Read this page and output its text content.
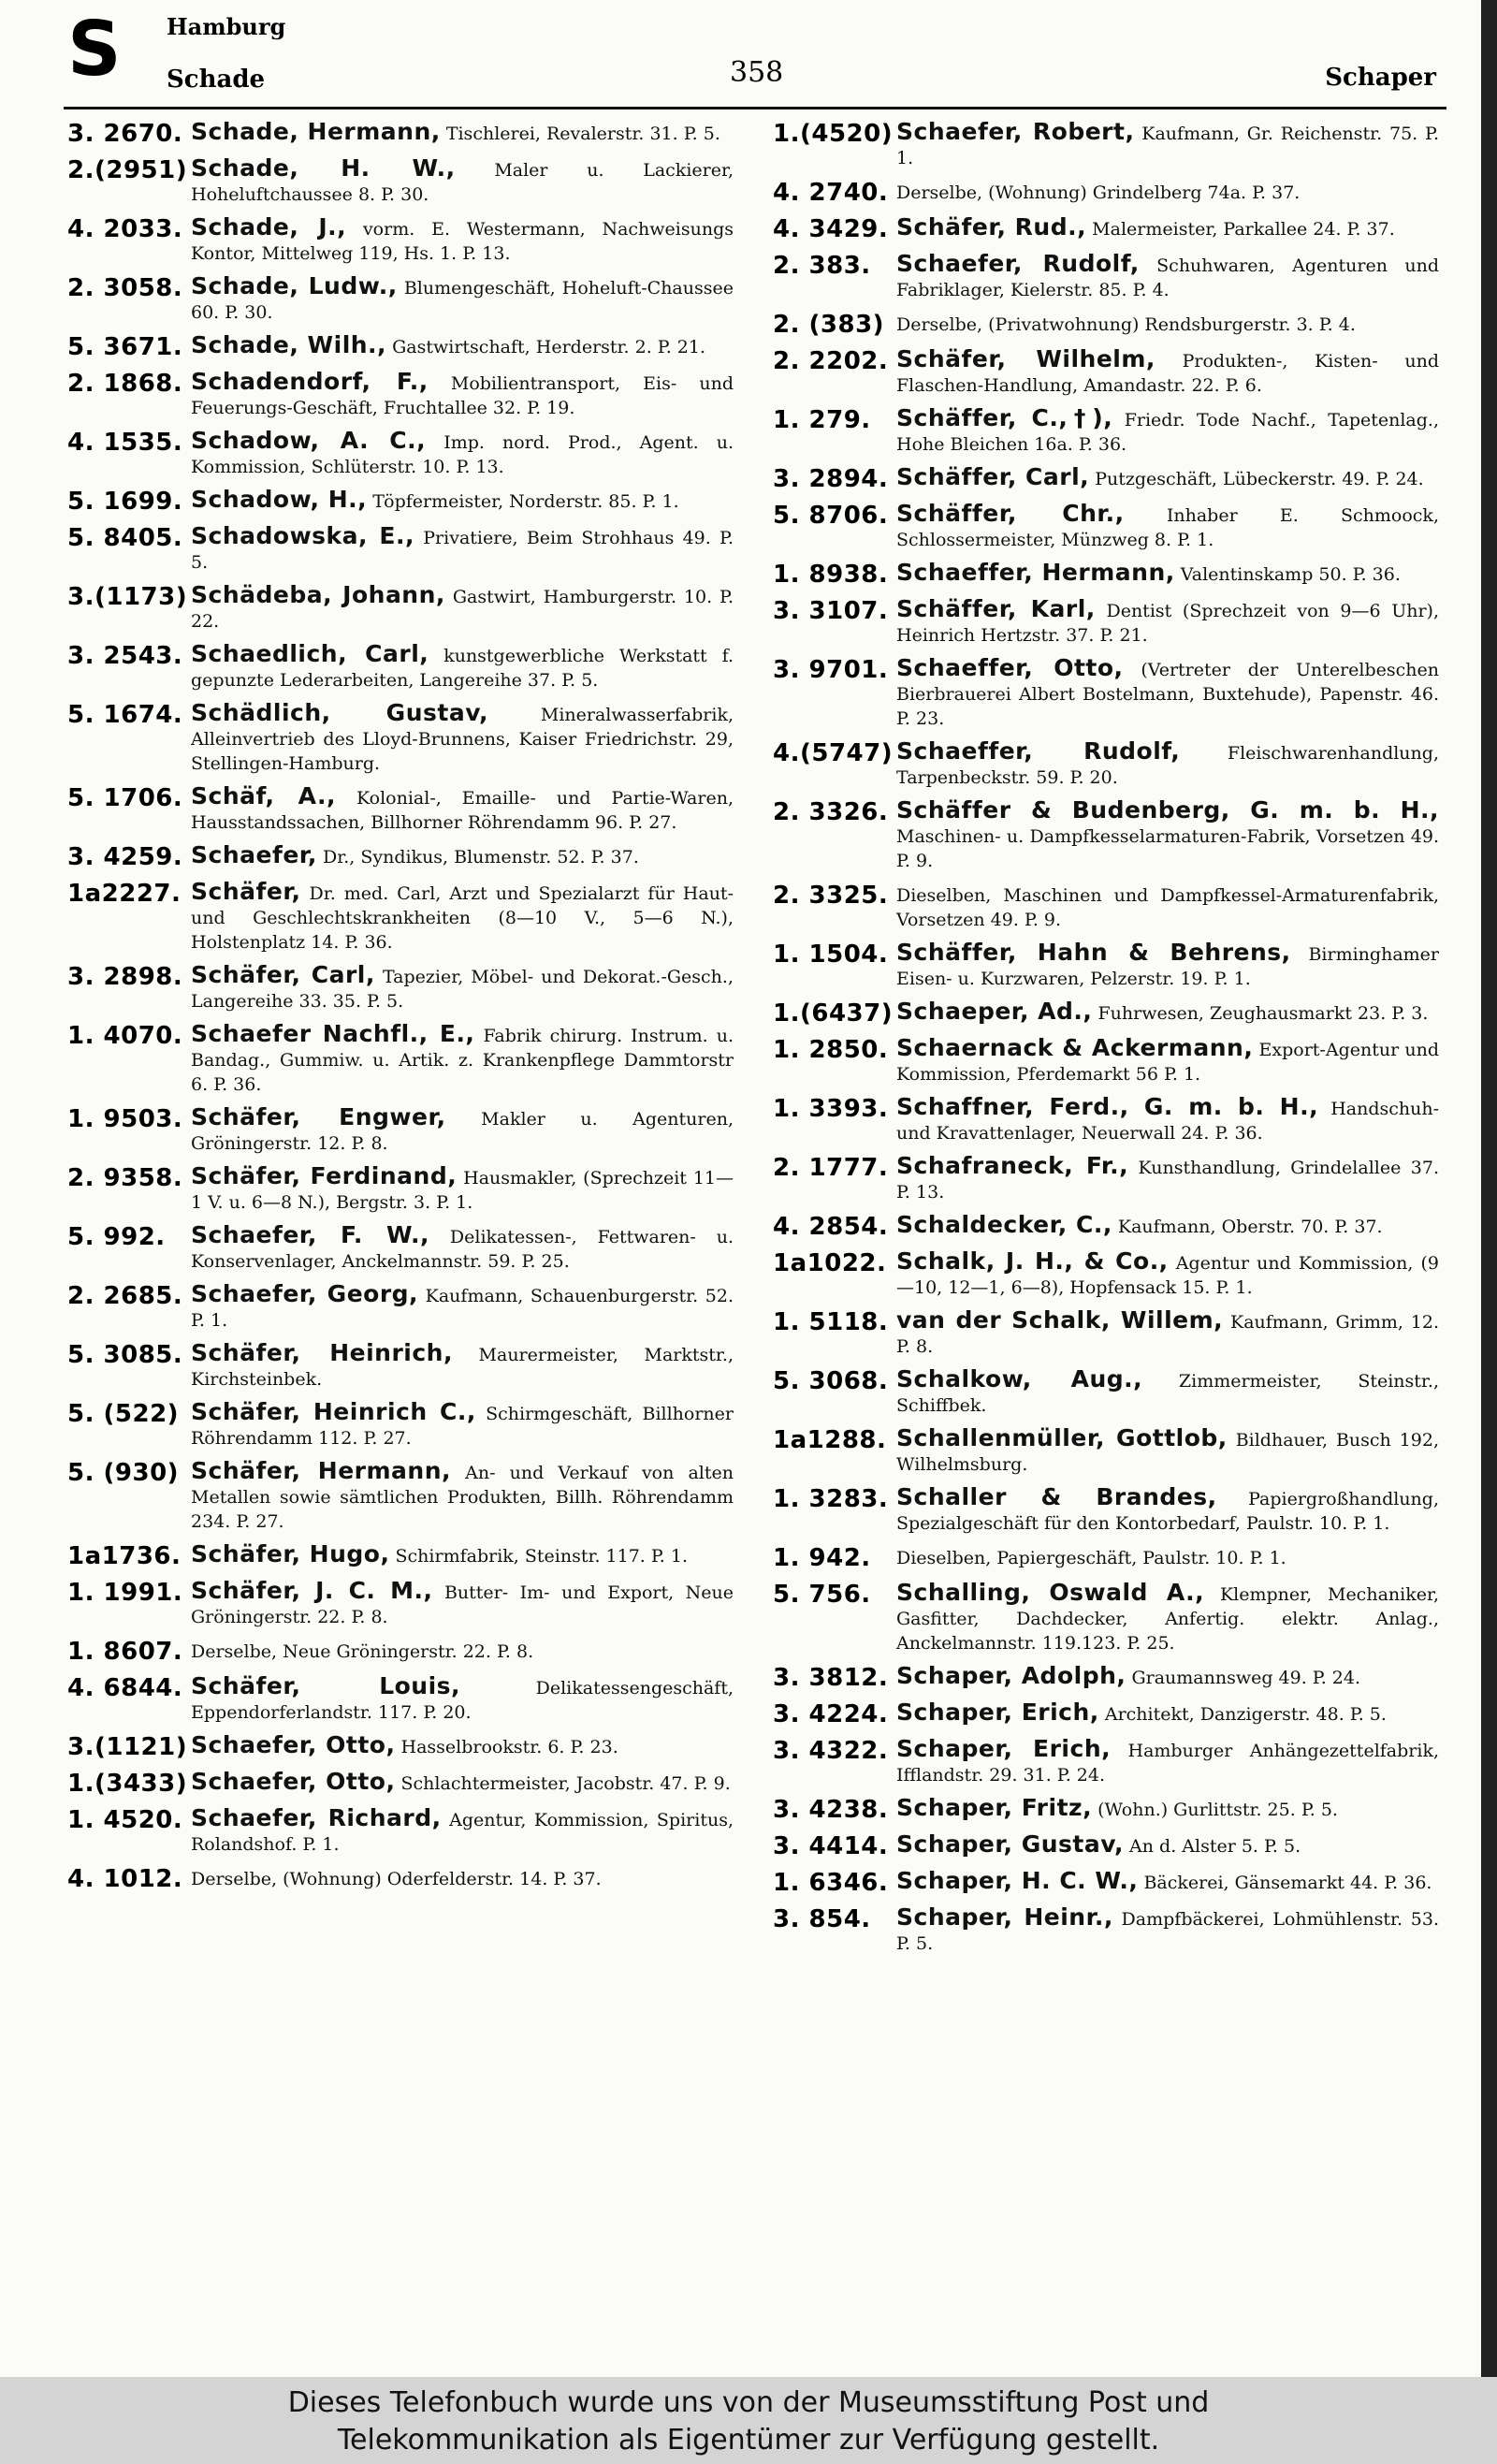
S Hamburg
Schade	358	Schaper
3. 2670. Schade, Hermann, Tischlerei, Revalerstr. 31. P. 5.
2.(2951) Schade, H. W., Maler u. Lackierer, Hoheluftchaussee 8. P. 30.
4. 2033. Schade, J., vorm. E. Westermann, Nachweisungs Kontor, Mittelweg 119, Hs. 1. P. 13.
2. 3058. Schade, Ludw., Blumengeschäft, Hoheluft-Chaussee 60. P. 30.
5. 3671. Schade, Wilh., Gastwirtschaft, Herderstr. 2. P. 21.
2. 1868. Schadendorf, F., Mobilientransport, Eis- und Feuerungs-Geschäft, Fruchtallee 32. P. 19.
4. 1535. Schadow, A. C., Imp. nord. Prod., Agent. u. Kommission, Schlüterstr. 10. P. 13.
5. 1699. Schadow, H., Töpfermeister, Norderstr. 85. P. 1.
5. 8405. Schadowska, E., Privatiere, Beim Strohhaus 49. P. 5.
3.(1173) Schädeba, Johann, Gastwirt, Hamburgerstr. 10. P. 22.
3. 2543. Schaedlich, Carl, kunstgewerbliche Werkstatt f. gepunzte Lederarbeiten, Langereihe 37. P. 5.
5. 1674. Schädlich, Gustav,	Mineralwasserfabrik, Alleinvertrieb des Lloyd-Brunnens, Kaiser Friedrichstr. 29, Stellingen-Hamburg.
5. 1706. Schäf, A., Kolonial-, Emaille- und Partie-Waren, Hausstandssachen, Billhorner Röhrendamm 96. P. 27.
3. 4259. Schaefer, Dr., Syndikus, Blumenstr. 52. P. 37.
1a2227. Schäfer, Dr. med. Carl, Arzt und Spezialarzt für Haut- und Geschlechtskrankheiten (8—10 V., 5—6 N.), Holstenplatz 14. P. 36.
3. 2898. Schäfer, Carl, Tapezier, Möbel- und Dekorat.-Gesch., Langereihe 33. 35. P. 5.
1. 4070. Schaefer Nachfl., E., Fabrik chirurg. Instrum. u. Bandag., Gummiw. u. Artik. z. Krankenpflege Dammtorstr 6. P. 36.
1. 9503. Schäfer, Engwer, Makler u. Agenturen, Gröningerstr. 12. P. 8.
2. 9358. Schäfer, Ferdinand, Hausmakler, (Sprechzeit 11—1 V. u. 6—8 N.), Bergstr. 3. P. 1.
5. 992.	Schaefer, F. W., Delikatessen-, Fettwaren- u. Konservenlager, Anckelmannstr. 59. P. 25.
2. 2685. Schaefer, Georg, Kaufmann, Schauenburgerstr. 52. P. 1.
5. 3085. Schäfer, Heinrich, Maurermeister, Marktstr., Kirchsteinbek.
5. (522) Schäfer, Heinrich C., Schirmgeschäft, Billhorner Röhrendamm 112. P. 27.
5. (930) Schäfer, Hermann, An- und Verkauf von alten Metallen sowie sämtlichen Produkten, Billh. Röhrendamm 234. P. 27.
1a1736. Schäfer, Hugo, Schirmfabrik, Steinstr. 117. P. 1.
1. 1991. Schäfer, J. C. M., Butter- Im- und Export, Neue Gröningerstr. 22. P. 8.
1. 8607. Derselbe, Neue Gröningerstr. 22. P. 8.
4. 6844. Schäfer, Louis,	Delikatessengeschäft, Eppendorferlandstr. 117. P. 20.
3.(1121) Schaefer, Otto, Hasselbrookstr. 6. P. 23.
1.(3433) Schaefer, Otto, Schlachtermeister, Jacobstr. 47. P. 9.
1. 4520. Schaefer, Richard, Agentur, Kommission, Spiritus, Rolandshof. P. 1.
4. 1012. Derselbe, (Wohnung) Oderfelderstr. 14. P. 37.
1.(4520) Schaefer, Robert, Kaufmann, Gr. Reichenstr. 75. P. 1.
4. 2740. Derselbe, (Wohnung) Grindelberg 74a. P. 37.
4. 3429. Schäfer, Rud., Malermeister, Parkallee 24. P. 37.
2. 383.	Schaefer, Rudolf, Schuhwaren, Agenturen und Fabriklager, Kielerstr. 85. P. 4.
2. (383) Derselbe, (Privatwohnung) Rendsburgerstr. 3. P. 4.
2. 2202. Schäfer, Wilhelm, Produkten-, Kisten- und Flaschen-Handlung, Amandastr. 22. P. 6.
1. 279.	Schäffer, C.,†), Friedr. Tode Nachf., Tapetenlag., Hohe Bleichen 16a. P. 36.
3. 2894. Schäffer, Carl, Putzgeschäft, Lübeckerstr. 49. P. 24.
5. 8706. Schäffer, Chr., Inhaber E. Schmoock, Schlossermeister, Münzweg 8. P. 1.
1. 8938. Schaeffer, Hermann, Valentinskamp 50. P. 36.
3. 3107. Schäffer, Karl, Dentist (Sprechzeit von 9—6 Uhr), Heinrich Hertzstr. 37. P. 21.
3. 9701. Schaeffer, Otto, (Vertreter der Unterelbeschen Bierbrauerei Albert Bostelmann, Buxtehude), Papenstr. 46. P. 23.
4.(5747) Schaeffer, Rudolf,	Fleischwarenhandlung, Tarpenbeckstr. 59. P. 20.
2. 3326. Schäffer & Budenberg, G. m. b. H., Maschinen- u. Dampfkesselarmaturen-Fabrik, Vorsetzen 49. P. 9.
2. 3325. Dieselben, Maschinen und Dampfkessel-Armaturenfabrik, Vorsetzen 49. P. 9.
1. 1504. Schäffer, Hahn & Behrens, Birminghamer Eisen- u. Kurzwaren, Pelzerstr. 19. P. 1.
1.(6437) Schaeper, Ad., Fuhrwesen, Zeughausmarkt 23. P. 3.
1. 2850. Schaernack & Ackermann, Export-Agentur und Kommission, Pferdemarkt 56 P. 1.
1. 3393. Schaffner, Ferd., G. m. b. H., Handschuh- und Kravattenlager, Neuerwall 24. P. 36.
2. 1777. Schafraneck, Fr., Kunsthandlung, Grindelallee 37. P. 13.
4. 2854. Schaldecker, C., Kaufmann, Oberstr. 70. P. 37.
1a1022. Schalk, J. H., & Co., Agentur und Kommission, (9—10, 12—1, 6—8), Hopfensack 15. P. 1.
1. 5118. van der Schalk, Willem, Kaufmann, Grimm, 12. P. 8.
5. 3068. Schalkow, Aug., Zimmermeister, Steinstr., Schiffbek.
1a1288. Schallenmüller, Gottlob, Bildhauer, Busch 192, Wilhelmsburg.
1. 3283. Schaller & Brandes, Papiergroßhandlung, Spezialgeschäft für den Kontorbedarf, Paulstr. 10. P. 1.
1. 942.	Dieselben, Papiergeschäft, Paulstr. 10. P. 1.
5. 756.	Schalling, Oswald A., Klempner, Mechaniker, Gasfitter, Dachdecker, Anfertig. elektr. Anlag., Anckelmannstr. 119.123. P. 25.
3. 3812. Schaper, Adolph, Graumannsweg 49. P. 24.
3. 4224. Schaper, Erich, Architekt, Danzigerstr. 48. P. 5.
3. 4322. Schaper, Erich, Hamburger Anhängezettelfabrik, Ifflandstr. 29. 31. P. 24.
3. 4238. Schaper, Fritz, (Wohn.) Gurlittstr. 25. P. 5.
3. 4414. Schaper, Gustav, An d. Alster 5. P. 5.
1. 6346. Schaper, H. C. W., Bäckerei, Gänsemarkt 44. P. 36.
3. 854.	Schaper, Heinr., Dampfbäckerei, Lohmühlenstr. 53. P. 5.
Dieses Telefonbuch wurde uns von der Museumsstiftung Post und
Telekommunikation als Eigentümer zur Verfügung gestellt.
